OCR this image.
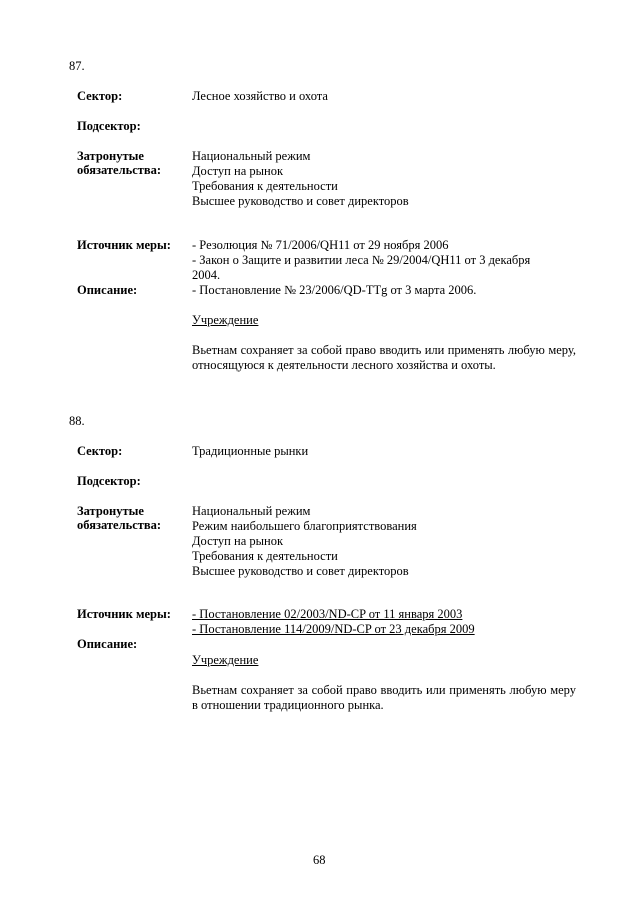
87.
Сектор:	Лесное хозяйство и охота
Подсектор:
Затронутые
обязательства:
Национальный режим
Доступ на рынок
Требования к деятельности
Высшее руководство и совет директоров
Источник меры: - Резолюция № 71/2006/QH11 от 29 ноября 2006
- Закон о Защите и развитии леса № 29/2004/QH11 от 3 декабря
2004.
Описание:	- Постановление № 23/2006/QD-TTg от 3 марта 2006.
Учреждение
Вьетнам сохраняет за собой право вводить или применять любую меру, относящуюся к деятельности лесного хозяйства и охоты.
88.
Сектор:	Традиционные рынки
Подсектор:
Затронутые
обязательства:
Национальный режим
Режим наибольшего благоприятствования
Доступ на рынок
Требования к деятельности
Высшее руководство и совет директоров
Источник меры: - Постановление 02/2003/ND-CP от 11 января 2003
- Постановление 114/2009/ND-CP от 23 декабря 2009
Описание:
Учреждение
Вьетнам сохраняет за собой право вводить или применять любую меру в отношении традиционного рынка.
68
